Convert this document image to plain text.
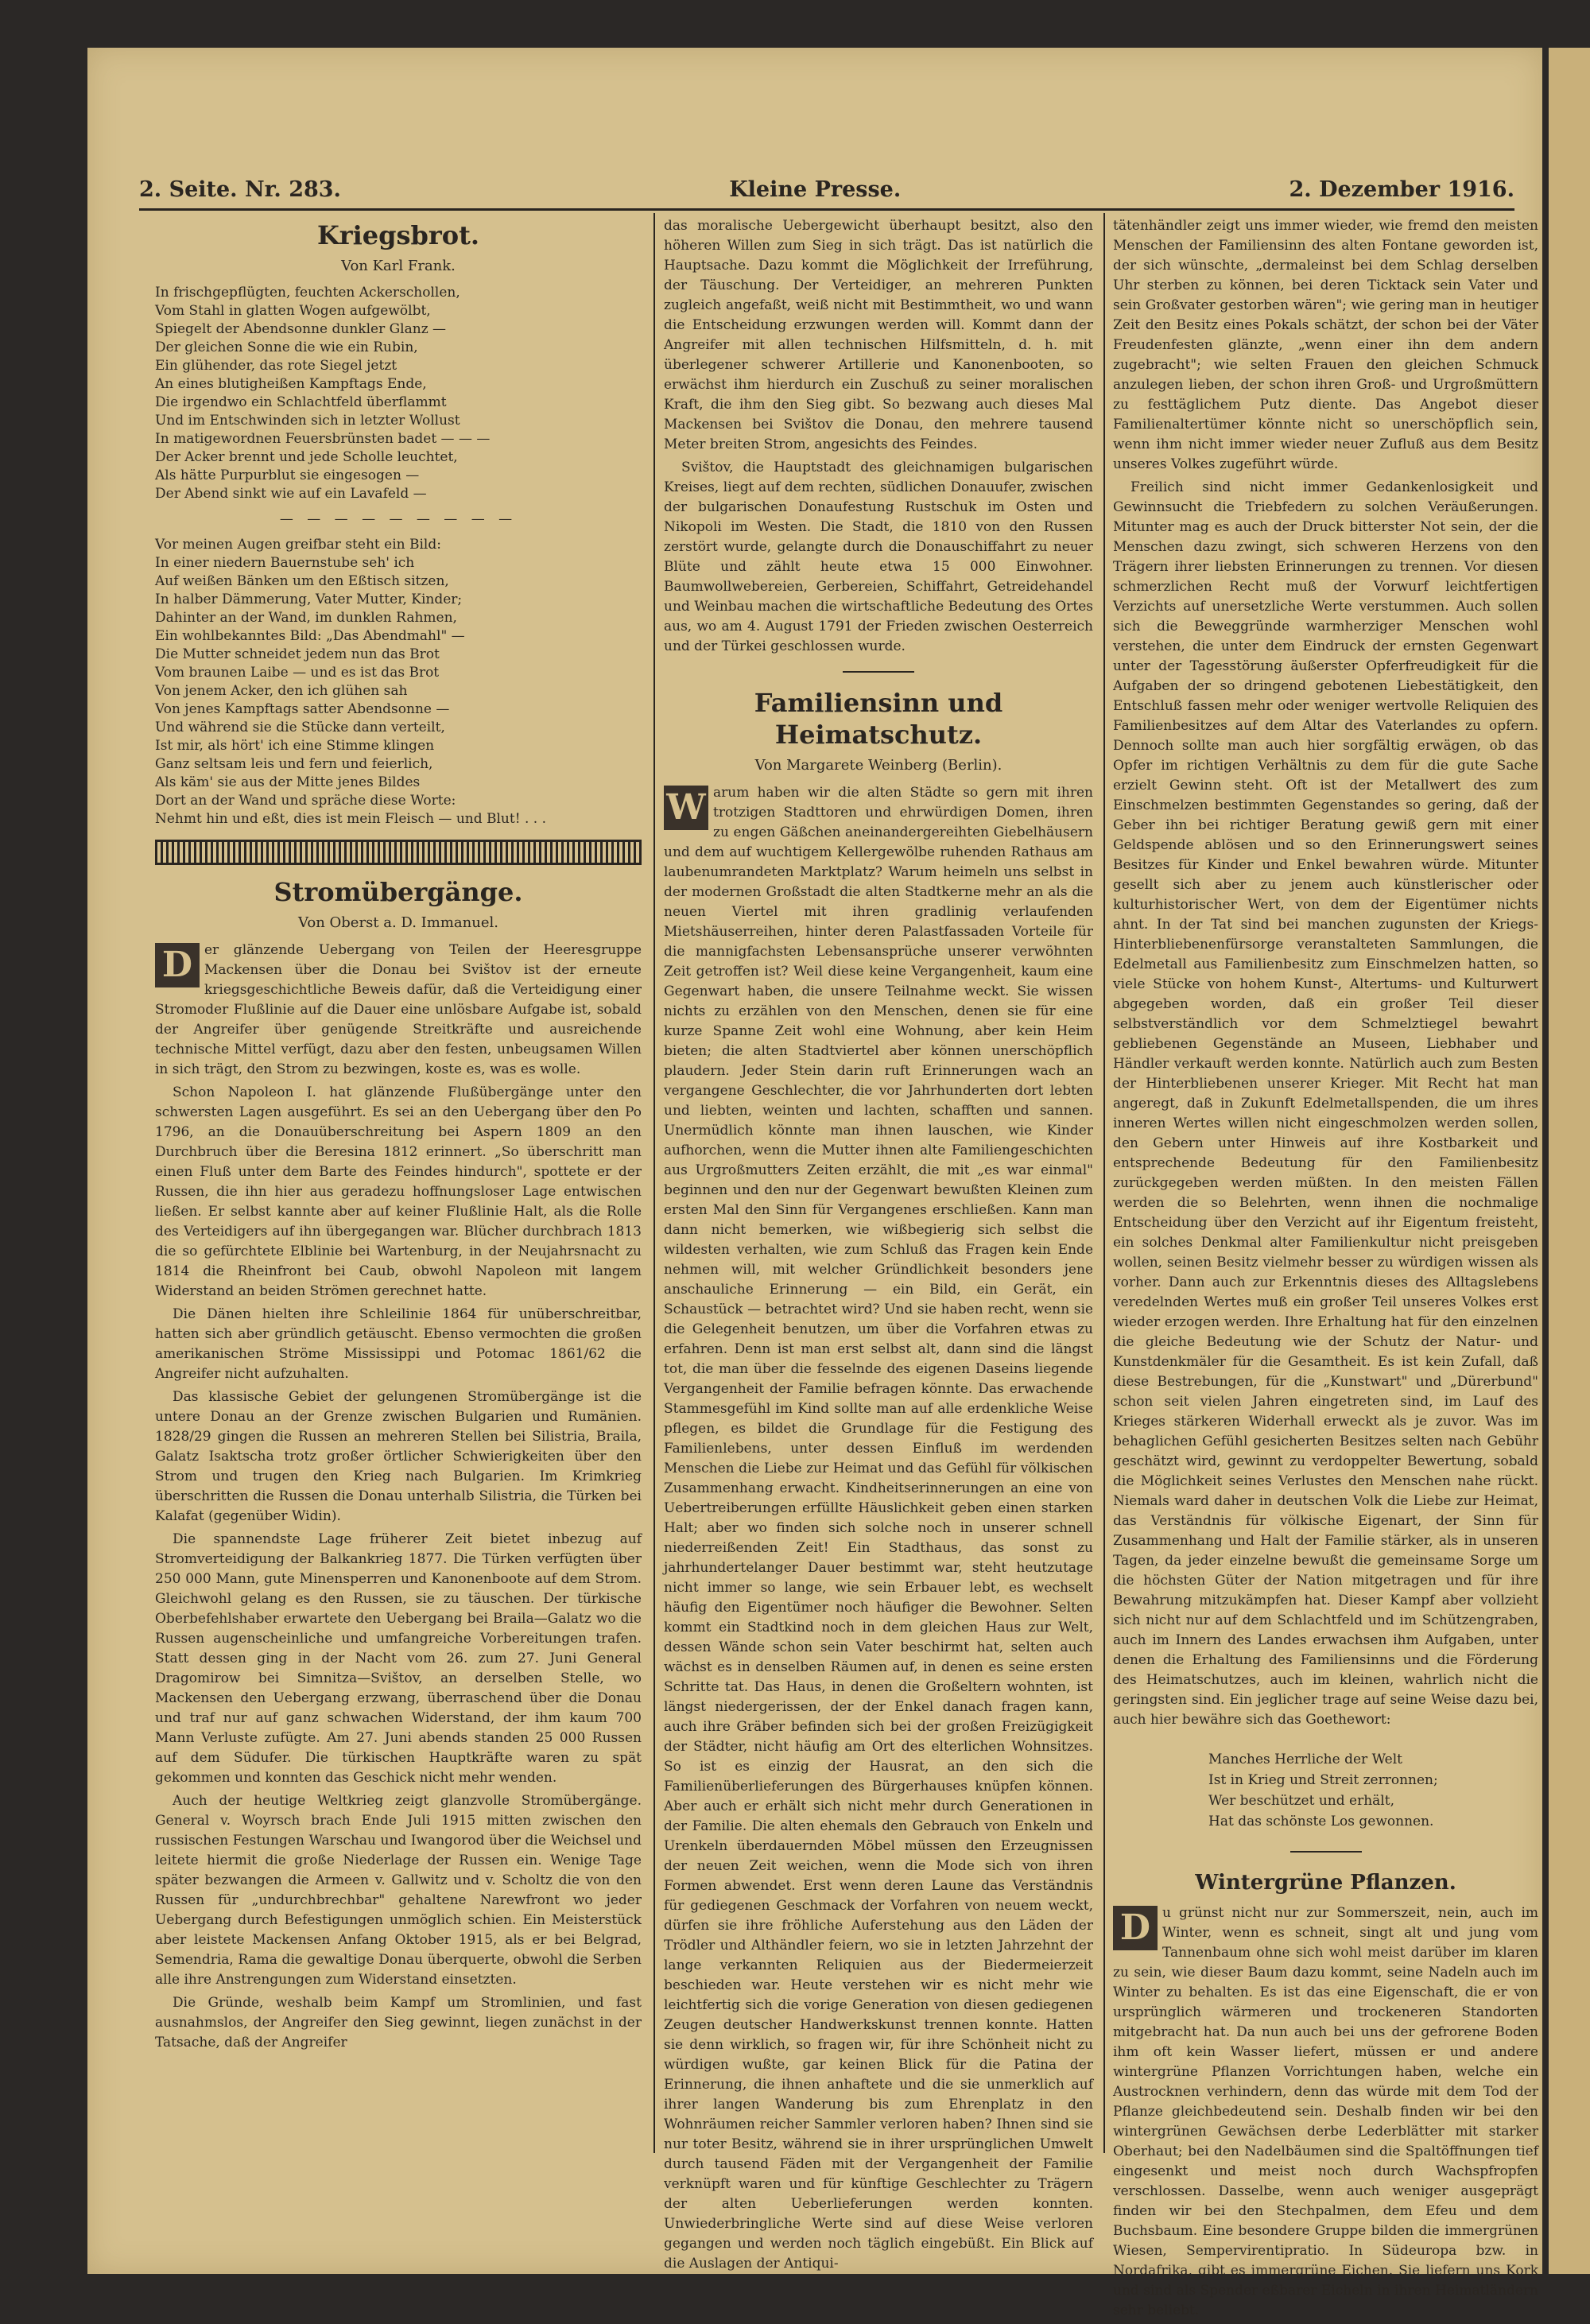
2. Seite. Nr. 283.	Kleine Presse.	2. Dezember 1916.
Kriegsbrot.
Von Karl Frank.
In frischgepflügten, feuchten Ackerschollen,
Vom Stahl in glatten Wogen aufgewölbt,
Spiegelt der Abendsonne dunkler Glanz —
Der gleichen Sonne die wie ein Rubin,
Ein glühender, das rote Siegel jetzt
An eines blutigheißen Kampftags Ende,
Die irgendwo ein Schlachtfeld überflammt
Und im Entschwinden sich in letzter Wollust
In matigewordnen Feuersbrünsten badet — — —
Der Acker brennt und jede Scholle leuchtet,
Als hätte Purpurblut sie eingesogen —
Der Abend sinkt wie auf ein Lavafeld —
— — — — — — — — —
Vor meinen Augen greifbar steht ein Bild:
In einer niedern Bauernstube seh' ich
Auf weißen Bänken um den Eßtisch sitzen,
In halber Dämmerung, Vater Mutter, Kinder;
Dahinter an der Wand, im dunklen Rahmen,
Ein wohlbekanntes Bild: „Das Abendmahl" —
Die Mutter schneidet jedem nun das Brot
Vom braunen Laibe — und es ist das Brot
Von jenem Acker, den ich glühen sah
Von jenes Kampftags satter Abendsonne —
Und während sie die Stücke dann verteilt,
Ist mir, als hört' ich eine Stimme klingen
Ganz seltsam leis und fern und feierlich,
Als käm' sie aus der Mitte jenes Bildes
Dort an der Wand und spräche diese Worte:
Nehmt hin und eßt, dies ist mein Fleisch — und Blut! . . .
Stromübergänge.
Von Oberst a. D. Immanuel.

D er glänzende Uebergang von Teilen der Heeresgruppe Mackensen über die Donau bei Svištov ist der erneute kriegsgeschichtliche Beweis dafür, daß die Verteidigung einer Stromoder Flußlinie auf die Dauer eine unlösbare Aufgabe ist, sobald der Angreifer über genügende Streitkräfte und ausreichende technische Mittel verfügt, dazu aber den festen, unbeugsamen Willen in sich trägt, den Strom zu bezwingen, koste es, was es wolle.

Schon Napoleon I. hat glänzende Flußübergänge unter den schwersten Lagen ausgeführt. Es sei an den Uebergang über den Po 1796, an die Donauüberschreitung bei Aspern 1809 an den Durchbruch über die Beresina 1812 erinnert. „So überschritt man einen Fluß unter dem Barte des Feindes hindurch", spottete er der Russen, die ihn hier aus geradezu hoffnungsloser Lage entwischen ließen. Er selbst kannte aber auf keiner Flußlinie Halt, als die Rolle des Verteidigers auf ihn übergegangen war. Blücher durchbrach 1813 die so gefürchtete Elblinie bei Wartenburg, in der Neujahrsnacht zu 1814 die Rheinfront bei Caub, obwohl Napoleon mit langem Widerstand an beiden Strömen gerechnet hatte.

Die Dänen hielten ihre Schleilinie 1864 für unüberschreitbar, hatten sich aber gründlich getäuscht. Ebenso vermochten die großen amerikanischen Ströme Mississippi und Potomac 1861/62 die Angreifer nicht aufzuhalten.

Das klassische Gebiet der gelungenen Stromübergänge ist die untere Donau an der Grenze zwischen Bulgarien und Rumänien. 1828/29 gingen die Russen an mehreren Stellen bei Silistria, Braila, Galatz Isaktscha trotz großer örtlicher Schwierigkeiten über den Strom und trugen den Krieg nach Bulgarien. Im Krimkrieg überschritten die Russen die Donau unterhalb Silistria, die Türken bei Kalafat (gegenüber Widin).

Die spannendste Lage früherer Zeit bietet inbezug auf Stromverteidigung der Balkankrieg 1877. Die Türken verfügten über 250 000 Mann, gute Minensperren und Kanonenboote auf dem Strom. Gleichwohl gelang es den Russen, sie zu täuschen. Der türkische Oberbefehlshaber erwartete den Uebergang bei Braila—Galatz wo die Russen augenscheinliche und umfangreiche Vorbereitungen trafen. Statt dessen ging in der Nacht vom 26. zum 27. Juni General Dragomirow bei Simnitza—Svištov, an derselben Stelle, wo Mackensen den Uebergang erzwang, überraschend über die Donau und traf nur auf ganz schwachen Widerstand, der ihm kaum 700 Mann Verluste zufügte. Am 27. Juni abends standen 25 000 Russen auf dem Südufer. Die türkischen Hauptkräfte waren zu spät gekommen und konnten das Geschick nicht mehr wenden.

Auch der heutige Weltkrieg zeigt glanzvolle Stromübergänge. General v. Woyrsch brach Ende Juli 1915 mitten zwischen den russischen Festungen Warschau und Iwangorod über die Weichsel und leitete hiermit die große Niederlage der Russen ein. Wenige Tage später bezwangen die Armeen v. Gallwitz und v. Scholtz die von den Russen für „undurchbrechbar" gehaltene Narewfront wo jeder Uebergang durch Befestigungen unmöglich schien. Ein Meisterstück aber leistete Mackensen Anfang Oktober 1915, als er bei Belgrad, Semendria, Rama die gewaltige Donau überquerte, obwohl die Serben alle ihre Anstrengungen zum Widerstand einsetzten.

Die Gründe, weshalb beim Kampf um Stromlinien, und fast ausnahmslos, der Angreifer den Sieg gewinnt, liegen zunächst in der Tatsache, daß der Angreifer

das moralische Uebergewicht überhaupt besitzt, also den höheren Willen zum Sieg in sich trägt. Das ist natürlich die Hauptsache. Dazu kommt die Möglichkeit der Irreführung, der Täuschung. Der Verteidiger, an mehreren Punkten zugleich angefaßt, weiß nicht mit Bestimmtheit, wo und wann die Entscheidung erzwungen werden will. Kommt dann der Angreifer mit allen technischen Hilfsmitteln, d. h. mit überlegener schwerer Artillerie und Kanonenbooten, so erwächst ihm hierdurch ein Zuschuß zu seiner moralischen Kraft, die ihm den Sieg gibt. So bezwang auch dieses Mal Mackensen bei Svištov die Donau, den mehrere tausend Meter breiten Strom, angesichts des Feindes.

Svištov, die Hauptstadt des gleichnamigen bulgarischen Kreises, liegt auf dem rechten, südlichen Donauufer, zwischen der bulgarischen Donaufestung Rustschuk im Osten und Nikopoli im Westen. Die Stadt, die 1810 von den Russen zerstört wurde, gelangte durch die Donauschiffahrt zu neuer Blüte und zählt heute etwa 15 000 Einwohner. Baumwollwebereien, Gerbereien, Schiffahrt, Getreidehandel und Weinbau machen die wirtschaftliche Bedeutung des Ortes aus, wo am 4. August 1791 der Frieden zwischen Oesterreich und der Türkei geschlossen wurde.

Familiensinn und Heimatschutz.
Von Margarete Weinberg (Berlin).

W arum haben wir die alten Städte so gern mit ihren trotzigen Stadttoren und ehrwürdigen Domen, ihren zu engen Gäßchen aneinandergereihten Giebelhäusern und dem auf wuchtigem Kellergewölbe ruhenden Rathaus am laubenumrandeten Marktplatz? Warum heimeln uns selbst in der modernen Großstadt die alten Stadtkerne mehr an als die neuen Viertel mit ihren gradlinig verlaufenden Mietshäuserreihen, hinter deren Palastfassaden Vorteile für die mannigfachsten Lebensansprüche unserer verwöhnten Zeit getroffen ist? Weil diese keine Vergangenheit, kaum eine Gegenwart haben, die unsere Teilnahme weckt. Sie wissen nichts zu erzählen von den Menschen, denen sie für eine kurze Spanne Zeit wohl eine Wohnung, aber kein Heim bieten; die alten Stadtviertel aber können unerschöpflich plaudern. Jeder Stein darin ruft Erinnerungen wach an vergangene Geschlechter, die vor Jahrhunderten dort lebten und liebten, weinten und lachten, schafften und sannen. Unermüdlich könnte man ihnen lauschen, wie Kinder aufhorchen, wenn die Mutter ihnen alte Familiengeschichten aus Urgroßmutters Zeiten erzählt, die mit „es war einmal" beginnen und den nur der Gegenwart bewußten Kleinen zum ersten Mal den Sinn für Vergangenes erschließen. Kann man dann nicht bemerken, wie wißbegierig sich selbst die wildesten verhalten, wie zum Schluß das Fragen kein Ende nehmen will, mit welcher Gründlichkeit besonders jene anschauliche Erinnerung — ein Bild, ein Gerät, ein Schaustück — betrachtet wird? Und sie haben recht, wenn sie die Gelegenheit benutzen, um über die Vorfahren etwas zu erfahren. Denn ist man erst selbst alt, dann sind die längst tot, die man über die fesselnde des eigenen Daseins liegende Vergangenheit der Familie befragen könnte. Das erwachende Stammesgefühl im Kind sollte man auf alle erdenkliche Weise pflegen, es bildet die Grundlage für die Festigung des Familienlebens, unter dessen Einfluß im werdenden Menschen die Liebe zur Heimat und das Gefühl für völkischen Zusammenhang erwacht. Kindheitserinnerungen an eine von Uebertreiberungen erfüllte Häuslichkeit geben einen starken Halt; aber wo finden sich solche noch in unserer schnell niederreißenden Zeit! Ein Stadthaus, das sonst zu jahrhundertelanger Dauer bestimmt war, steht heutzutage nicht immer so lange, wie sein Erbauer lebt, es wechselt häufig den Eigentümer noch häufiger die Bewohner. Selten kommt ein Stadtkind noch in dem gleichen Haus zur Welt, dessen Wände schon sein Vater beschirmt hat, selten auch wächst es in denselben Räumen auf, in denen es seine ersten Schritte tat. Das Haus, in denen die Großeltern wohnten, ist längst niedergerissen, der der Enkel danach fragen kann, auch ihre Gräber befinden sich bei der großen Freizügigkeit der Städter, nicht häufig am Ort des elterlichen Wohnsitzes. So ist es einzig der Hausrat, an den sich die Familienüberlieferungen des Bürgerhauses knüpfen können. Aber auch er erhält sich nicht mehr durch Generationen in der Familie. Die alten ehemals den Gebrauch von Enkeln und Urenkeln überdauernden Möbel müssen den Erzeugnissen der neuen Zeit weichen, wenn die Mode sich von ihren Formen abwendet. Erst wenn deren Laune das Verständnis für gediegenen Geschmack der Vorfahren von neuem weckt, dürfen sie ihre fröhliche Auferstehung aus den Läden der Trödler und Althändler feiern, wo sie in letzten Jahrzehnt der lange verkannten Reliquien aus der Biedermeierzeit beschieden war. Heute verstehen wir es nicht mehr wie leichtfertig sich die vorige Generation von diesen gediegenen Zeugen deutscher Handwerkskunst trennen konnte. Hatten sie denn wirklich, so fragen wir, für ihre Schönheit nicht zu würdigen wußte, gar keinen Blick für die Patina der Erinnerung, die ihnen anhaftete und die sie unmerklich auf ihrer langen Wanderung bis zum Ehrenplatz in den Wohnräumen reicher Sammler verloren haben? Ihnen sind sie nur toter Besitz, während sie in ihrer ursprünglichen Umwelt durch tausend Fäden mit der Vergangenheit der Familie verknüpft waren und für künftige Geschlechter zu Trägern der alten Ueberlieferungen werden konnten. Unwiederbringliche Werte sind auf diese Weise verloren gegangen und werden noch täglich eingebüßt. Ein Blick auf die Auslagen der Antiqui-

tätenhändler zeigt uns immer wieder, wie fremd den meisten Menschen der Familiensinn des alten Fontane geworden ist, der sich wünschte, „dermaleinst bei dem Schlag derselben Uhr sterben zu können, bei deren Ticktack sein Vater und sein Großvater gestorben wären"; wie gering man in heutiger Zeit den Besitz eines Pokals schätzt, der schon bei der Väter Freudenfesten glänzte, „wenn einer ihn dem andern zugebracht"; wie selten Frauen den gleichen Schmuck anzulegen lieben, der schon ihren Groß- und Urgroßmüttern zu festtäglichem Putz diente. Das Angebot dieser Familienaltertümer könnte nicht so unerschöpflich sein, wenn ihm nicht immer wieder neuer Zufluß aus dem Besitz unseres Volkes zugeführt würde.

Freilich sind nicht immer Gedankenlosigkeit und Gewinnsucht die Triebfedern zu solchen Veräußerungen. Mitunter mag es auch der Druck bitterster Not sein, der die Menschen dazu zwingt, sich schweren Herzens von den Trägern ihrer liebsten Erinnerungen zu trennen. Vor diesen schmerzlichen Recht muß der Vorwurf leichtfertigen Verzichts auf unersetzliche Werte verstummen. Auch sollen sich die Beweggründe warmherziger Menschen wohl verstehen, die unter dem Eindruck der ernsten Gegenwart unter der Tagesstörung äußerster Opferfreudigkeit für die Aufgaben der so dringend gebotenen Liebestätigkeit, den Entschluß fassen mehr oder weniger wertvolle Reliquien des Familienbesitzes auf dem Altar des Vaterlandes zu opfern. Dennoch sollte man auch hier sorgfältig erwägen, ob das Opfer im richtigen Verhältnis zu dem für die gute Sache erzielt Gewinn steht. Oft ist der Metallwert des zum Einschmelzen bestimmten Gegenstandes so gering, daß der Geber ihn bei richtiger Beratung gewiß gern mit einer Geldspende ablösen und so den Erinnerungswert seines Besitzes für Kinder und Enkel bewahren würde. Mitunter gesellt sich aber zu jenem auch künstlerischer oder kulturhistorischer Wert, von dem der Eigentümer nichts ahnt. In der Tat sind bei manchen zugunsten der Kriegs-Hinterbliebenenfürsorge veranstalteten Sammlungen, die Edelmetall aus Familienbesitz zum Einschmelzen hatten, so viele Stücke von hohem Kunst-, Altertums- und Kulturwert abgegeben worden, daß ein großer Teil dieser selbstverständlich vor dem Schmelztiegel bewahrt gebliebenen Gegenstände an Museen, Liebhaber und Händler verkauft werden konnte. Natürlich auch zum Besten der Hinterbliebenen unserer Krieger. Mit Recht hat man angeregt, daß in Zukunft Edelmetallspenden, die um ihres inneren Wertes willen nicht eingeschmolzen werden sollen, den Gebern unter Hinweis auf ihre Kostbarkeit und entsprechende Bedeutung für den Familienbesitz zurückgegeben werden müßten. In den meisten Fällen werden die so Belehrten, wenn ihnen die nochmalige Entscheidung über den Verzicht auf ihr Eigentum freisteht, ein solches Denkmal alter Familienkultur nicht preisgeben wollen, seinen Besitz vielmehr besser zu würdigen wissen als vorher. Dann auch zur Erkenntnis dieses des Alltagslebens veredelnden Wertes muß ein großer Teil unseres Volkes erst wieder erzogen werden. Ihre Erhaltung hat für den einzelnen die gleiche Bedeutung wie der Schutz der Natur- und Kunstdenkmäler für die Gesamtheit. Es ist kein Zufall, daß diese Bestrebungen, für die „Kunstwart" und „Dürerbund" schon seit vielen Jahren eingetreten sind, im Lauf des Krieges stärkeren Widerhall erweckt als je zuvor. Was im behaglichen Gefühl gesicherten Besitzes selten nach Gebühr geschätzt wird, gewinnt zu verdoppelter Bewertung, sobald die Möglichkeit seines Verlustes den Menschen nahe rückt. Niemals ward daher in deutschen Volk die Liebe zur Heimat, das Verständnis für völkische Eigenart, der Sinn für Zusammenhang und Halt der Familie stärker, als in unseren Tagen, da jeder einzelne bewußt die gemeinsame Sorge um die höchsten Güter der Nation mitgetragen und für ihre Bewahrung mitzukämpfen hat. Dieser Kampf aber vollzieht sich nicht nur auf dem Schlachtfeld und im Schützengraben, auch im Innern des Landes erwachsen ihm Aufgaben, unter denen die Erhaltung des Familiensinns und die Förderung des Heimatschutzes, auch im kleinen, wahrlich nicht die geringsten sind. Ein jeglicher trage auf seine Weise dazu bei, auch hier bewähre sich das Goethewort:

Manches Herrliche der Welt
Ist in Krieg und Streit zerronnen;
Wer beschützet und erhält,
Hat das schönste Los gewonnen.
Wintergrüne Pflanzen.

D u grünst nicht nur zur Sommerszeit, nein, auch im Winter, wenn es schneit, singt alt und jung vom Tannenbaum ohne sich wohl meist darüber im klaren zu sein, wie dieser Baum dazu kommt, seine Nadeln auch im Winter zu behalten. Es ist das eine Eigenschaft, die er von ursprünglich wärmeren und trockeneren Standorten mitgebracht hat. Da nun auch bei uns der gefrorene Boden ihm oft kein Wasser liefert, müssen er und andere wintergrüne Pflanzen Vorrichtungen haben, welche ein Austrocknen verhindern, denn das würde mit dem Tod der Pflanze gleichbedeutend sein. Deshalb finden wir bei den wintergrünen Gewächsen derbe Lederblätter mit starker Oberhaut; bei den Nadelbäumen sind die Spaltöffnungen tief eingesenkt und meist noch durch Wachspfropfen verschlossen. Dasselbe, wenn auch weniger ausgeprägt finden wir bei den Stechpalmen, dem Efeu und dem Buchsbaum. Eine besondere Gruppe bilden die immergrünen Wiesen, Sempervirentipratio. In Südeuropa bzw. in Nordafrika, gibt es immergrüne Eichen. Sie liefern uns Kork und sind als Spender eßbarer Eicheln in ihren Heimatländern sehr beliebt.
